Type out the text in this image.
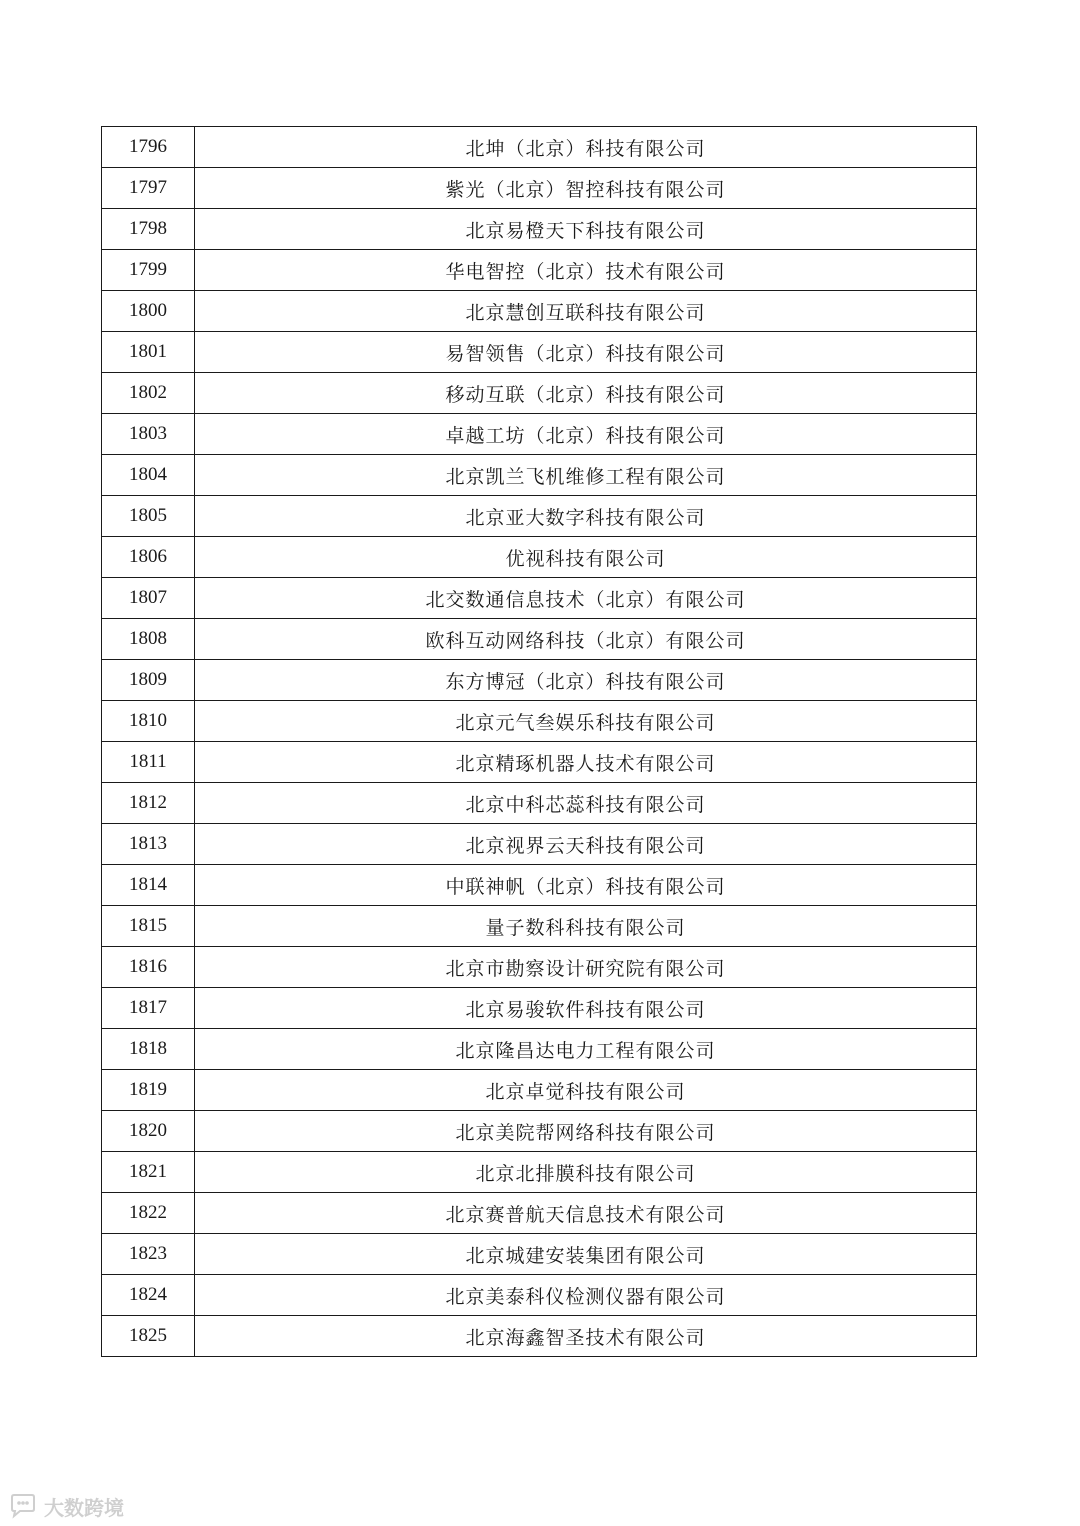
1796	北坤（北京）科技有限公司
1797	紫光（北京）智控科技有限公司
1798	北京易橙天下科技有限公司
1799	华电智控（北京）技术有限公司
1800	北京慧创互联科技有限公司
1801	易智领售（北京）科技有限公司
1802	移动互联（北京）科技有限公司
1803	卓越工坊（北京）科技有限公司
1804	北京凯兰飞机维修工程有限公司
1805	北京亚大数字科技有限公司
1806	优视科技有限公司
1807	北交数通信息技术（北京）有限公司
1808	欧科互动网络科技（北京）有限公司
1809	东方博冠（北京）科技有限公司
1810	北京元气叁娱乐科技有限公司
1811	北京精琢机器人技术有限公司
1812	北京中科芯蕊科技有限公司
1813	北京视界云天科技有限公司
1814	中联神帆（北京）科技有限公司
1815	量子数科科技有限公司
1816	北京市勘察设计研究院有限公司
1817	北京易骏软件科技有限公司
1818	北京隆昌达电力工程有限公司
1819	北京卓觉科技有限公司
1820	北京美院帮网络科技有限公司
1821	北京北排膜科技有限公司
1822	北京赛普航天信息技术有限公司
1823	北京城建安装集团有限公司
1824	北京美泰科仪检测仪器有限公司
1825	北京海鑫智圣技术有限公司
大数跨境
